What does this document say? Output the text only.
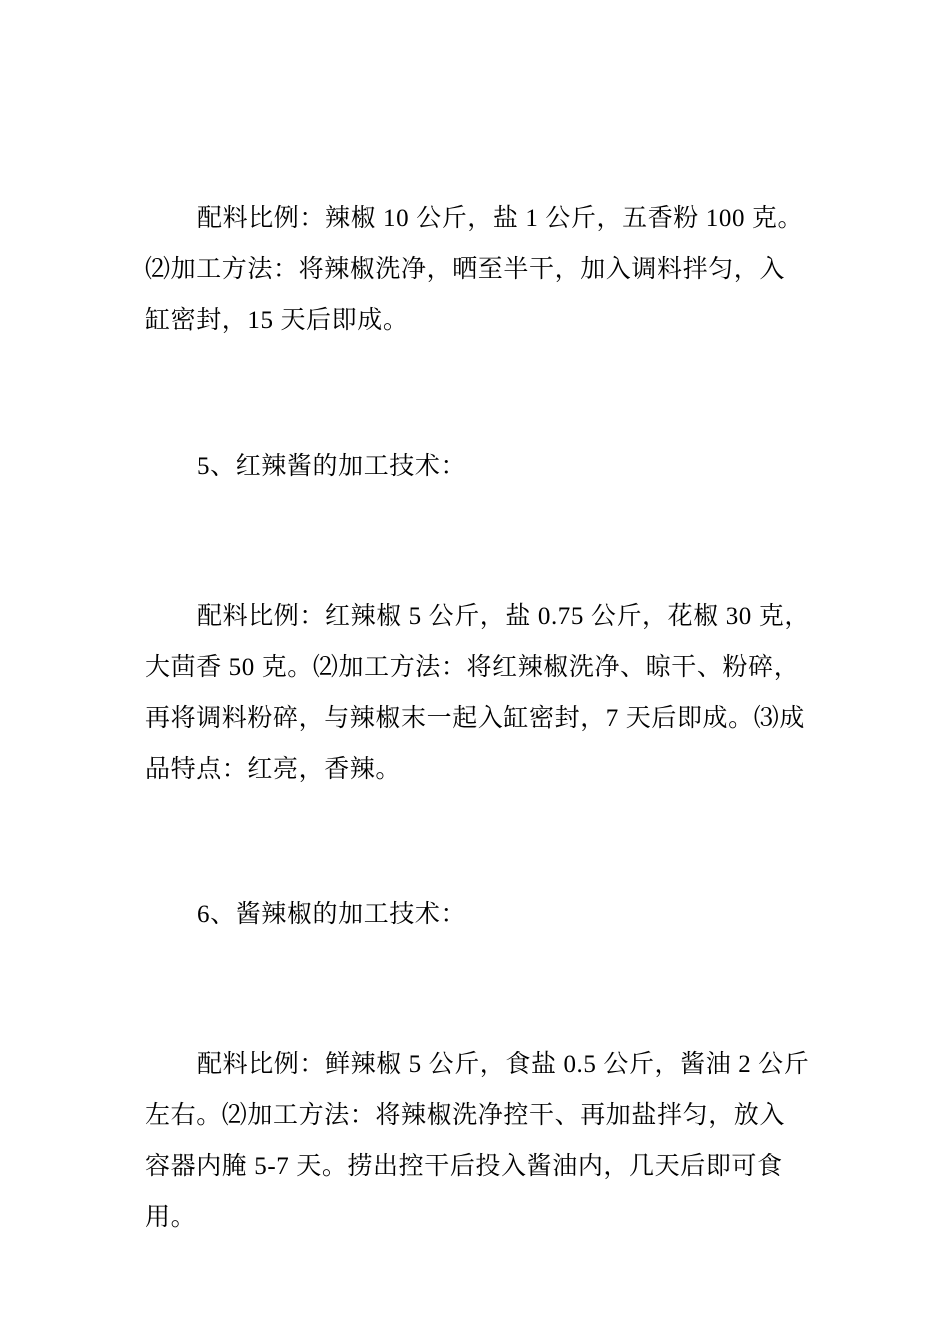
配料比例：辣椒 10 公斤，盐 1 公斤，五香粉 100 克。⑵加工方法：将辣椒洗净，晒至半干，加入调料拌匀，入缸密封，15 天后即成。

5、红辣酱的加工技术：

配料比例：红辣椒 5 公斤，盐 0.75 公斤，花椒 30 克，大茴香 50 克。⑵加工方法：将红辣椒洗净、晾干、粉碎，再将调料粉碎，与辣椒末一起入缸密封，7 天后即成。⑶成品特点：红亮，香辣。

6、酱辣椒的加工技术：

配料比例：鲜辣椒 5 公斤，食盐 0.5 公斤，酱油 2 公斤左右。⑵加工方法：将辣椒洗净控干、再加盐拌匀，放入容器内腌 5-7 天。捞出控干后投入酱油内，几天后即可食用。
